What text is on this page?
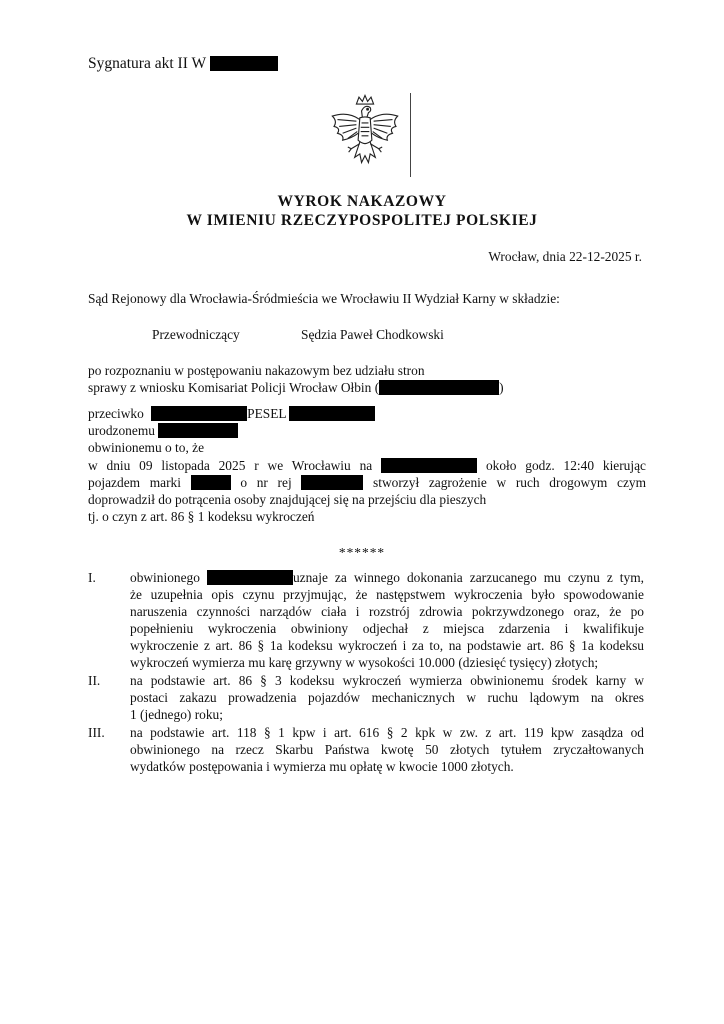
Sygnatura akt II W
WYROK NAKAZOWY
W IMIENIU RZECZYPOSPOLITEJ POLSKIEJ
Wrocław, dnia 22-12-2025 r.
Sąd Rejonowy dla Wrocławia-Śródmieścia we Wrocławiu II Wydział Karny w składzie:
Przewodniczący	Sędzia Paweł Chodkowski
po rozpoznaniu w postępowaniu nakazowym bez udziału stron
sprawy z wniosku Komisariat Policji Wrocław Ołbin (	)
przeciwko	PESEL
urodzonemu
obwinionemu o to, że
w dniu 09 listopada 2025 r we Wrocławiu na	około godz. 12:40 kierując
pojazdem marki	o nr rej	stworzył zagrożenie w ruch drogowym czym
doprowadził do potrącenia osoby znajdującej się na przejściu dla pieszych
tj. o czyn z art. 86 § 1 kodeksu wykroczeń
******
I.	obwinionego	uznaje za winnego dokonania zarzucanego mu czynu z tym,
że uzupełnia opis czynu przyjmując, że następstwem wykroczenia było spowodowanie
naruszenia czynności narządów ciała i rozstrój zdrowia pokrzywdzonego oraz, że po
popełnieniu wykroczenia obwiniony odjechał z miejsca zdarzenia i kwalifikuje
wykroczenie z art. 86 § 1a kodeksu wykroczeń i za to, na podstawie art. 86 § 1a kodeksu
wykroczeń wymierza mu karę grzywny w wysokości 10.000 (dziesięć tysięcy) złotych;
II. na podstawie art. 86 § 3 kodeksu wykroczeń wymierza obwinionemu środek karny w
postaci zakazu prowadzenia pojazdów mechanicznych w ruchu lądowym na okres
1 (jednego) roku;
III. na podstawie art. 118 § 1 kpw i art. 616 § 2 kpk w zw. z art. 119 kpw zasądza od
obwinionego na rzecz Skarbu Państwa kwotę 50 złotych tytułem zryczałtowanych
wydatków postępowania i wymierza mu opłatę w kwocie 1000 złotych.
